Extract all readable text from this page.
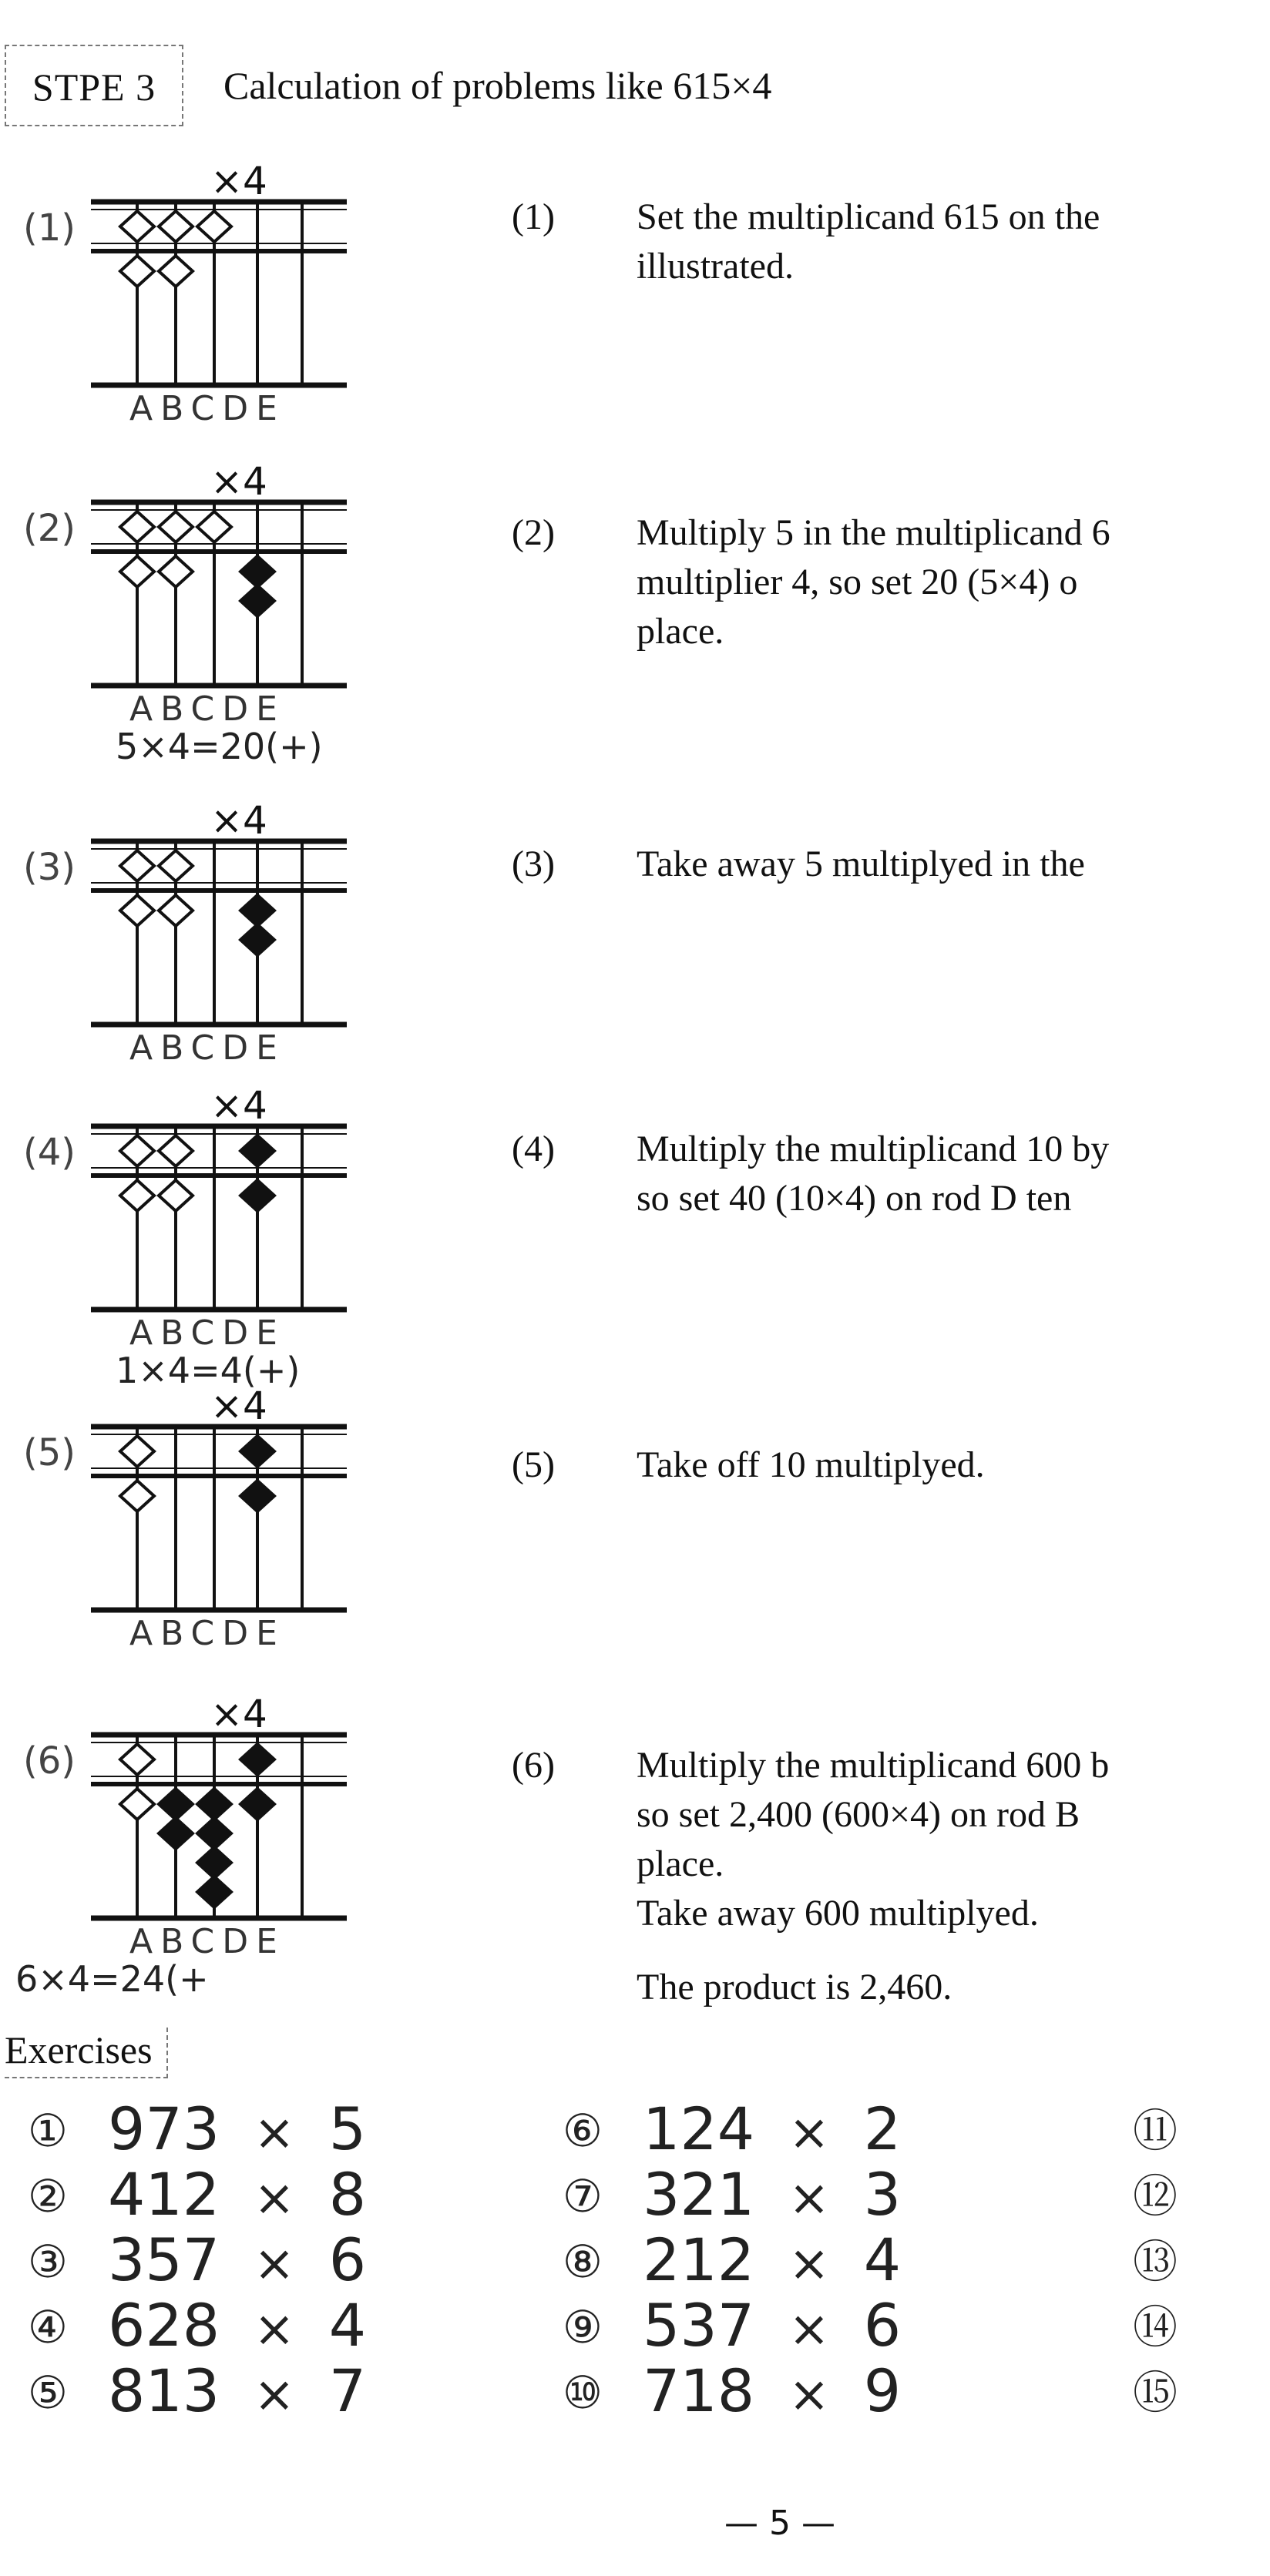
STPE 3	Calculation of problems like 615×4
×4
(1)
ABCDE
(1) Set the multiplicand 615 on the
illustrated.
×4
(2)
ABCDE
5×4=20(+)
(2) Multiply 5 in the multiplicand 6
multiplier 4, so set 20 (5×4) o
place.
×4
(3)
ABCDE
(3) Take away 5 multiplyed in the
×4
(4)
ABCDE
1×4=4(+)
(4) Multiply the multiplicand 10 by
so set 40 (10×4) on rod D ten
×4
(5)
ABCDE
(5) Take off 10 multiplyed.
×4
(6)
ABCDE
6×4=24(+
(6) Multiply the multiplicand 600 b
so set 2,400 (600×4) on rod B
place.
Take away 600 multiplyed.
The product is 2,460.
Exercises
① 973 × 5
② 412 × 8
③ 357 × 6
④ 628 × 4
⑤ 813 × 7
⑥ 124 × 2
⑦ 321 × 3
⑧ 212 × 4
⑨ 537 × 6
⑩ 718 × 9
⑪
⑫
⑬
⑭
⑮
— 5 —
